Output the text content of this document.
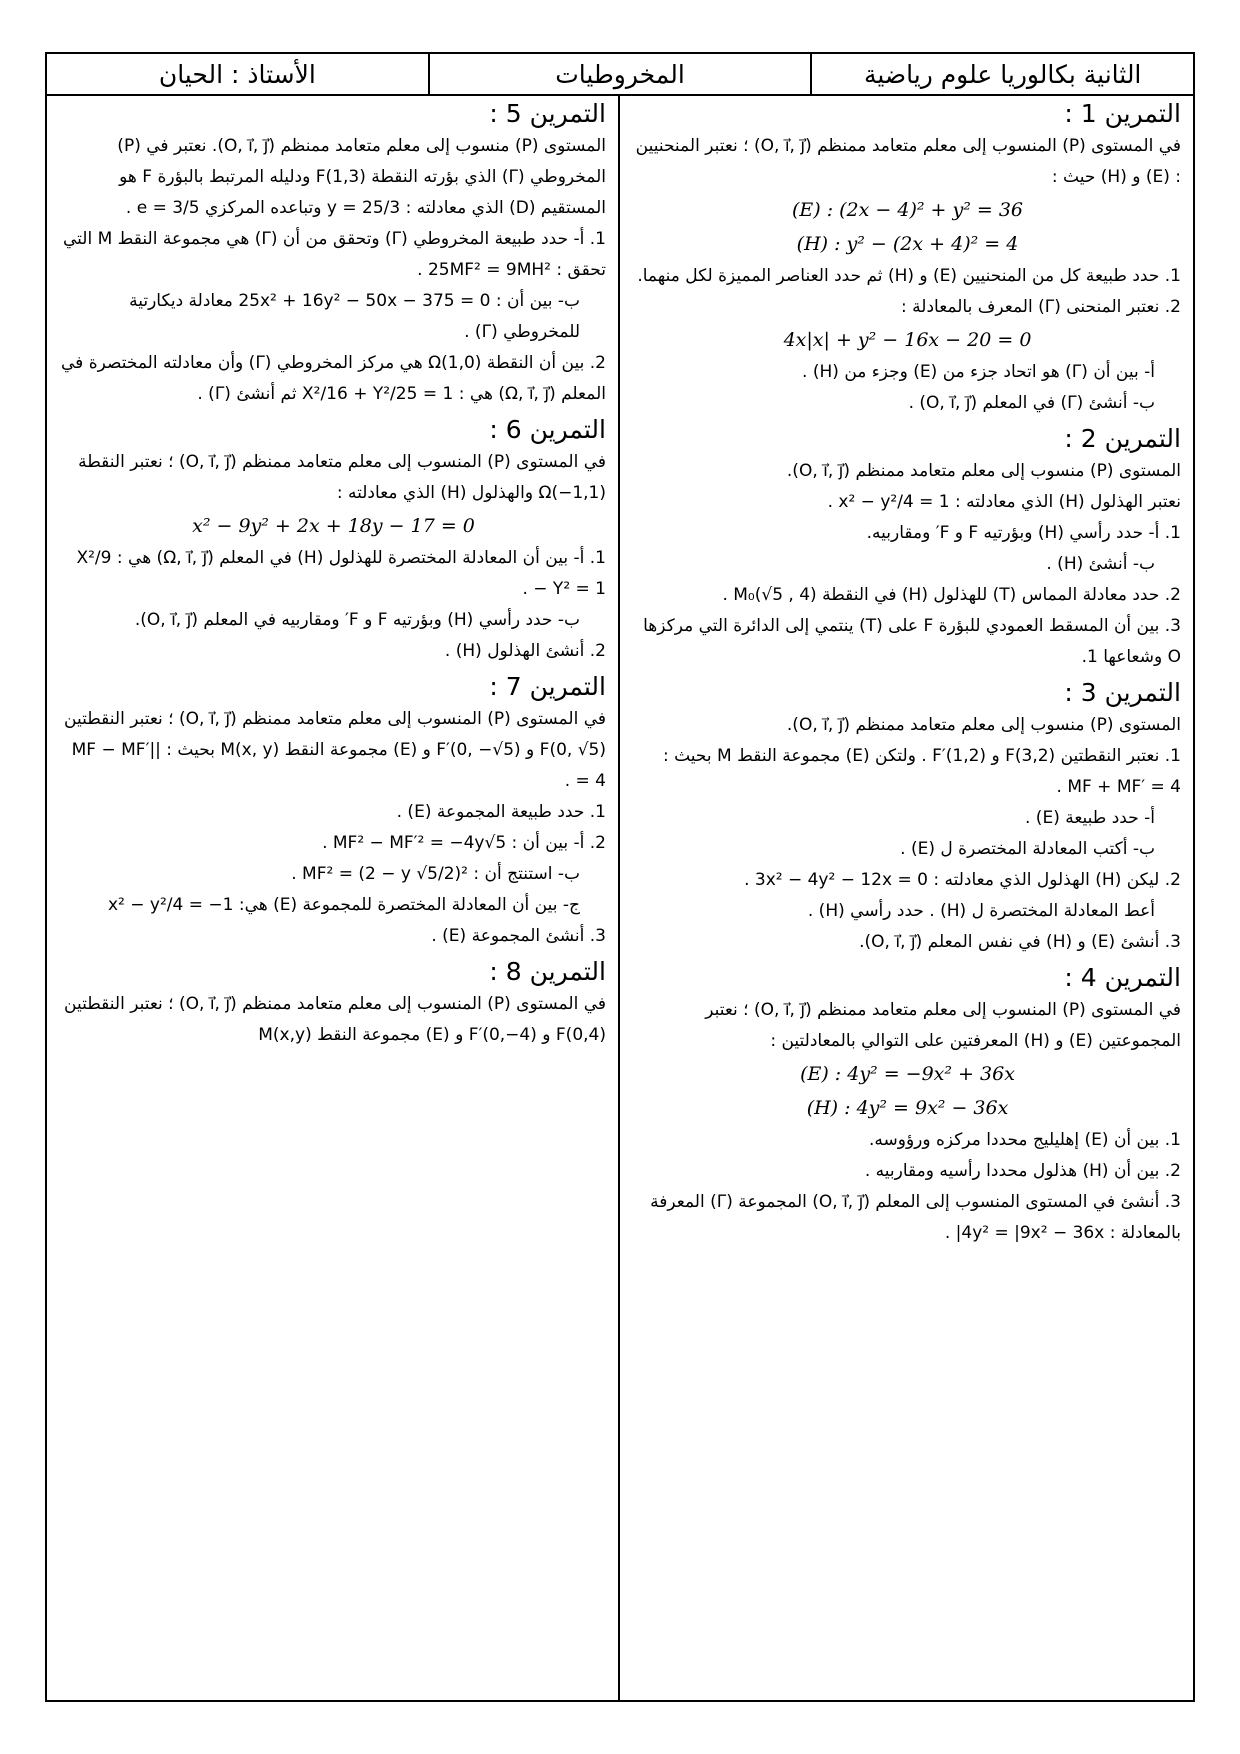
الثانية بكالوريا علوم رياضية
المخروطيات
الأستاذ : الحيان
التمرين 5 :
المستوى (P) منسوب إلى معلم متعامد ممنظم (O, i⃗, j⃗). نعتبر في (P) المخروطي (Γ) الذي بؤرته النقطة F(1,3) ودليله المرتبط بالبؤرة F هو المستقيم (D) الذي معادلته : y = 25/3 وتباعده المركزي e = 3/5 .
1. أ- حدد طبيعة المخروطي (Γ) وتحقق من أن (Γ) هي مجموعة النقط M التي تحقق : 25MF² = 9MH² .
ب- بين أن : 25x² + 16y² − 50x − 375 = 0 معادلة ديكارتية للمخروطي (Γ) .
2. بين أن النقطة Ω(1,0) هي مركز المخروطي (Γ) وأن معادلته المختصرة في المعلم (Ω, i⃗, j⃗) هي : X²/16 + Y²/25 = 1 ثم أنشئ (Γ) .
التمرين 6 :
في المستوى (P) المنسوب إلى معلم متعامد ممنظم (O, i⃗, j⃗) ؛ نعتبر النقطة Ω(−1,1) والهذلول (H) الذي معادلته :
x² − 9y² + 2x + 18y − 17 = 0
1. أ- بين أن المعادلة المختصرة للهذلول (H) في المعلم (Ω, i⃗, j⃗) هي : X²/9 − Y² = 1 .
ب- حدد رأسي (H) وبؤرتيه F و F′ ومقاربيه في المعلم (O, i⃗, j⃗).
2. أنشئ الهذلول (H) .
التمرين 7 :
في المستوى (P) المنسوب إلى معلم متعامد ممنظم (O, i⃗, j⃗) ؛ نعتبر النقطتين F(0, √5) و F′(0, −√5) و (E) مجموعة النقط M(x, y) بحيث : |MF − MF′| = 4 .
1. حدد طبيعة المجموعة (E) .
2. أ- بين أن : MF² − MF′² = −4y√5 .
ب- استنتج أن : MF² = (2 − y √5/2)² .
ج- بين أن المعادلة المختصرة للمجموعة (E) هي: x² − y²/4 = −1
3. أنشئ المجموعة (E) .
التمرين 8 :
في المستوى (P) المنسوب إلى معلم متعامد ممنظم (O, i⃗, j⃗) ؛ نعتبر النقطتين F(0,4) و F′(0,−4) و (E) مجموعة النقط M(x,y)
التمرين 1 :
في المستوى (P) المنسوب إلى معلم متعامد ممنظم (O, i⃗, j⃗) ؛ نعتبر المنحنيين : (E) و (H) حيث :
(E) : (2x − 4)² + y² = 36
(H) : y² − (2x + 4)² = 4
1. حدد طبيعة كل من المنحنيين (E) و (H) ثم حدد العناصر المميزة لكل منهما.
2. نعتبر المنحنى (Γ) المعرف بالمعادلة :
4x|x| + y² − 16x − 20 = 0
أ- بين أن (Γ) هو اتحاد جزء من (E) وجزء من (H) .
ب- أنشئ (Γ) في المعلم (O, i⃗, j⃗) .
التمرين 2 :
المستوى (P) منسوب إلى معلم متعامد ممنظم (O, i⃗, j⃗).
نعتبر الهذلول (H) الذي معادلته : x² − y²/4 = 1 .
1. أ- حدد رأسي (H) وبؤرتيه F و F′ ومقاربيه.
ب- أنشئ (H) .
2. حدد معادلة المماس (T) للهذلول (H) في النقطة M₀(√5 , 4) .
3. بين أن المسقط العمودي للبؤرة F على (T) ينتمي إلى الدائرة التي مركزها O وشعاعها 1.
التمرين 3 :
المستوى (P) منسوب إلى معلم متعامد ممنظم (O, i⃗, j⃗).
1. نعتبر النقطتين F(3,2) و F′(1,2) . ولتكن (E) مجموعة النقط M بحيث : MF + MF′ = 4 .
أ- حدد طبيعة (E) .
ب- أكتب المعادلة المختصرة ل (E) .
2. ليكن (H) الهذلول الذي معادلته : 3x² − 4y² − 12x = 0 .
أعط المعادلة المختصرة ل (H) . حدد رأسي (H) .
3. أنشئ (E) و (H) في نفس المعلم (O, i⃗, j⃗).
التمرين 4 :
في المستوى (P) المنسوب إلى معلم متعامد ممنظم (O, i⃗, j⃗) ؛ نعتبر المجموعتين (E) و (H) المعرفتين على التوالي بالمعادلتين :
(E) : 4y² = −9x² + 36x
(H) : 4y² = 9x² − 36x
1. بين أن (E) إهليليج محددا مركزه ورؤوسه.
2. بين أن (H) هذلول محددا رأسيه ومقاربيه .
3. أنشئ في المستوى المنسوب إلى المعلم (O, i⃗, j⃗) المجموعة (Γ) المعرفة بالمعادلة : 4y² = |9x² − 36x| .
